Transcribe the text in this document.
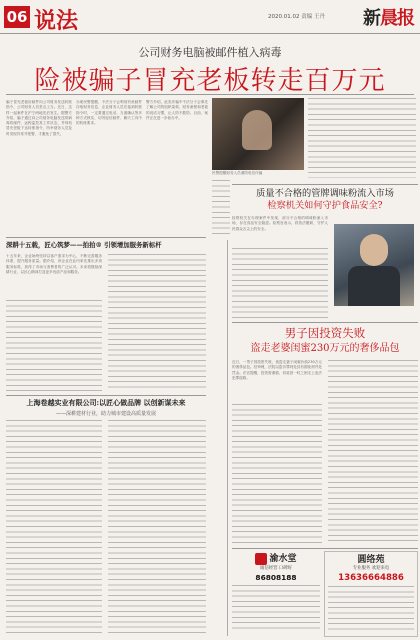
06 说法	2020.01.02 责编 王丹 新晨报
公司财务电脑被邮件植入病毒
险被骗子冒充老板转走百万元
骗子冒充老板用邮件向公司财务发送转账指令，公司财务人员差点上当。近日，这样一起案件在沪宁两地先后发生。据警方介绍，骗子通过向公司财务电脑发送带病毒的邮件，远程监控其工作状态，并伺机冒充老板下达转账指令，所幸财务人员及时发现异常并报警，才避免了损失。
办案民警提醒，不法分子会利用钓鱼邮件窃取财务信息，企业财务人员在接到转账指令时，一定要通过电话、当面确认等多种方式核实，切勿轻信邮件、聊天工具中的转账要求。
警方介绍，此类诈骗中不法分子会事先了解公司的组织架构、财务流程和老板的说话习惯，让人防不胜防。目前，案件正在进一步侦办中。
民警提醒财务人员谨防电信诈骗
深耕十五载，匠心筑梦——拍拍® 引领增加服务新标杆
十五年来，企业始终坚持以客户需求为中心，不断完善服务体系，提升服务质量。据介绍，该企业在业内率先推出多项服务标准，获得了市场与消费者的广泛认可。未来将继续深耕行业，以匠心精神打造更多优质产品和服务。
上海卷越实业有限公司:以匠心做品牌 以创新谋未来
——深耕建材行业，助力城市建设高质量发展
质量不合格的管牌调味粉流入市场
检察机关如何守护食品安全?
检察机关在办理案件中发现，部分不合格的调味粉流入市场，存在食品安全隐患。检察官表示，将依法履职，守护人民群众舌尖上的安全。
男子因投资失败
盗走老婆闺蜜230万元的奢侈品包
近日，一男子因投资失败，竟盗走妻子闺蜜价值230万元的奢侈品包。经审理，法院以盗窃罪判处其有期徒刑并处罚金。法官提醒，投资需谨慎，切莫因一时之困走上违法犯罪道路。
渝水堂
诚信经营 口碑好
86808188
圆络苑
专业服务 欢迎来电
13636664886
